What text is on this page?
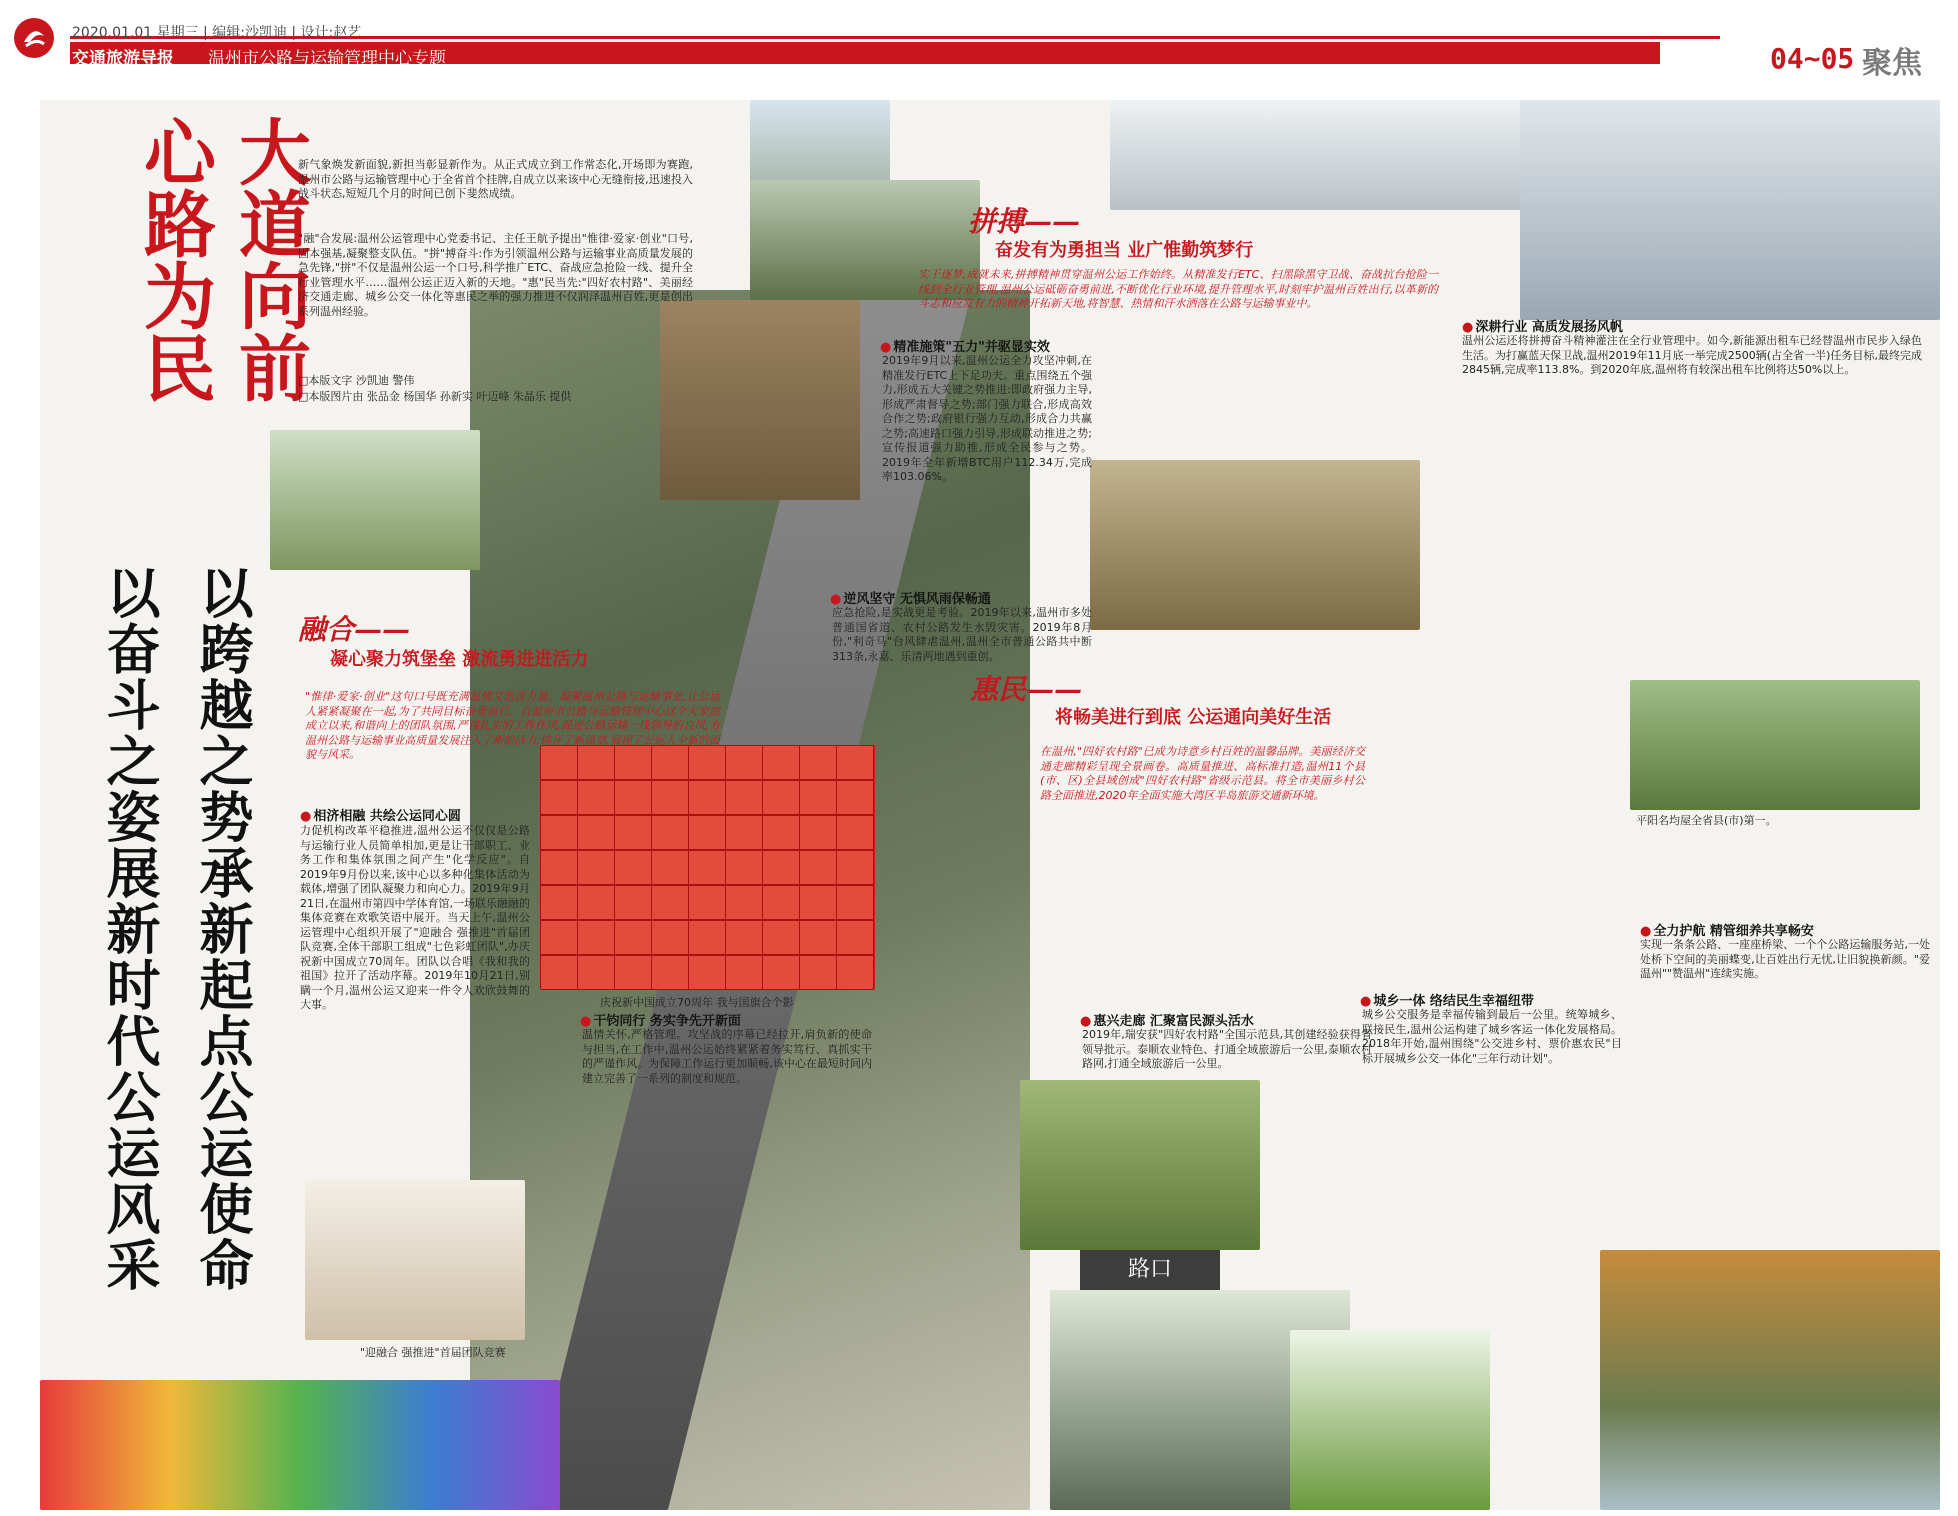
2020.01.01 星期三 | 编辑:沙凯迪 | 设计:赵艺
交通旅游导报 温州市公路与运输管理中心专题	04~05 聚焦
路口
心路为民 大道向前
以跨越之势承新起点公运使命
以奋斗之姿展新时代公运风采
新气象焕发新面貌,新担当彰显新作为。从正式成立到工作常态化,开场即为赛跑,温州市公路与运输管理中心于全省首个挂牌,自成立以来该中心无缝衔接,迅速投入战斗状态,短短几个月的时间已创下斐然成绩。
"融"合发展:温州公运管理中心党委书记、主任王航予提出"惟律·爱家·创业"口号,固本强基,凝聚整支队伍。"拼"搏奋斗:作为引领温州公路与运输事业高质量发展的急先锋,"拼"不仅是温州公运一个口号,科学推广ETC、奋战应急抢险一线、提升全行业管理水平……温州公运正迈入新的天地。"惠"民当先:"四好农村路"、美丽经济交通走廊、城乡公交一体化等惠民之举的强力推进不仅润泽温州百姓,更是创出系列温州经验。
□本版文字 沙凯迪 警伟
□本版图片由 张品金 杨国华 孙新实 叶迈峰 朱晶乐 提供
拼搏——
奋发有为勇担当 业广惟勤筑梦行
实干逐梦,成就未来,拼搏精神贯穿温州公运工作始终。从精准发行ETC、扫黑除黑守卫战、奋战抗台抢险一线到全行业管理,温州公运砥砺奋勇前进,不断优化行业环境,提升管理水平,时刻牢护温州百姓出行,以革新的斗志和应发有力的精神开拓新天地,将智慧、热情和汗水洒落在公路与运输事业中。
● 精准施策"五力"并驱显实效
2019年9月以来,温州公运全力攻坚冲刺,在精准发行ETC上下足功夫。重点围绕五个强力,形成五大关键之势推进:即政府强力主导,形成严肃督导之势;部门强力联合,形成高效合作之势;政府银行强力互动,形成合力共赢之势;高速路口强力引导,形成联动推进之势;宣传报道强力助推,形成全民参与之势。2019年全年新增BTC用户112.34万,完成率103.06%。
● 逆风坚守 无惧风雨保畅通
应急抢险,是实战更是考验。2019年以来,温州市多处普通国省道、农村公路发生水毁灾害。2019年8月份,"利奇马"台风肆虐温州,温州全市普通公路共中断313条,永嘉、乐清两地遇到重创。
● 深耕行业 高质发展扬风帆
温州公运还将拼搏奋斗精神灌注在全行业管理中。如今,新能源出租车已经替温州市民步入绿色生活。为打赢蓝天保卫战,温州2019年11月底一举完成2500辆(占全省一半)任务目标,最终完成2845辆,完成率113.8%。到2020年底,温州将有较深出租车比例将达50%以上。
融合——
凝心聚力筑堡垒 激流勇进进活力
"惟律·爱家·创业"这句口号既充满温情又饱含力量。凝聚温州公路与运输事业,让公运人紧紧凝聚在一起,为了共同目标奋勇前行。自温州市公路与运输管理中心这个大家庭成立以来,和谐向上的团队氛围,严谨扎实的工作作风,促进公路运输一线领导的良风,方温州公路与运输事业高质量发展注入了新的活力,铸开了新篇章,展现了公运人全新的面貌与风采。
● 相济相融 共绘公运同心圆
力促机构改革平稳推进,温州公运不仅仅是公路与运输行业人员简单相加,更是让干部职工、业务工作和集体氛围之间产生"化学反应"。自2019年9月份以来,该中心以多种化集体活动为载体,增强了团队凝聚力和向心力。2019年9月21日,在温州市第四中学体育馆,一场联乐融融的集体竞赛在欢歌笑语中展开。当天上午,温州公运管理中心组织开展了"迎融合 强推进"首届团队竞赛,全体干部职工组成"七色彩虹团队",办庆祝新中国成立70周年。团队以合唱《我和我的祖国》拉开了活动序幕。2019年10月21日,别瞒一个月,温州公运又迎来一件令人欢欣鼓舞的大事。	庆祝新中国成立70周年 我与国旗合个影
"迎融合 强推进"首届团队竞赛
惠民——
将畅美进行到底 公运通向美好生活
在温州,"四好农村路"已成为诗意乡村百姓的温馨品牌。美丽经济交通走廊精彩呈现全景画卷。高质量推进、高标准打造,温州11个县(市、区)全县域创成"四好农村路"省级示范县。将全市美丽乡村公路全面推进,2020年全面实施大湾区半岛旅游交通新环境。
● 干钧同行 务实争先开新面
温情关怀,严格管理。攻坚战的序幕已经拉开,肩负新的使命与担当,在工作中,温州公运始终紧紧着务实笃行、真抓实干的严谨作风。为保障工作运行更加顺畅,该中心在最短时间内建立完善了一系列的制度和规范。
● 惠兴走廊 汇聚富民源头活水
2019年,瑞安获"四好农村路"全国示范县,其创建经验获得省领导批示。泰顺农业特色、打通全域旅游后一公里,泰顺农村路网,打通全域旅游后一公里。
● 城乡一体 络结民生幸福纽带
城乡公交服务是幸福传输到最后一公里。统筹城乡、联接民生,温州公运构建了城乡客运一体化发展格局。2018年开始,温州围绕"公交进乡村、票价惠农民"目标开展城乡公交一体化"三年行动计划"。
● 全力护航 精管细养共享畅安
实现一条条公路、一座座桥梁、一个个公路运输服务站,一处处桥下空间的美丽蝶变,让百姓出行无忧,让旧貌换新颜。"爱温州""赞温州"连续实施。
平阳名均屋全省县(市)第一。
